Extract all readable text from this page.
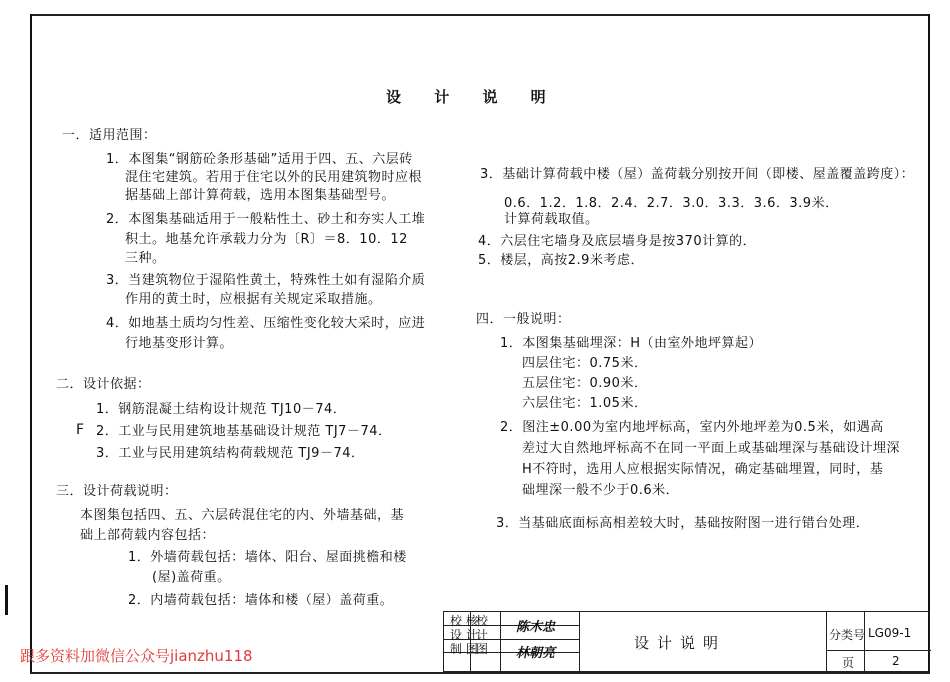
设 计 说 明
一．适用范围：
1．本图集“钢筋砼条形基础”适用于四、五、六层砖
混住宅建筑。若用于住宅以外的民用建筑物时应根
据基础上部计算荷载，选用本图集基础型号。
2．本图集基础适用于一般粘性土、砂土和夯实人工堆
积土。地基允许承载力分为〔R〕＝8．10．12
三种。
3．当建筑物位于湿陷性黄土，特殊性土如有湿陷介质
作用的黄土时，应根据有关规定采取措施。
4．如地基土质均匀性差、压缩性变化较大采时，应进
行地基变形计算。
二．设计依据：
1．钢筋混凝土结构设计规范 TJ10－74．
F 2．工业与民用建筑地基基础设计规范 TJ7－74．
3．工业与民用建筑结构荷载规范 TJ9－74．
三．设计荷载说明：
本图集包括四、五、六层砖混住宅的内、外墙基础，基
础上部荷载内容包括：
1．外墙荷载包括：墙体、阳台、屋面挑檐和楼
(屋)盖荷重。
2．内墙荷载包括：墙体和楼（屋）盖荷重。
3．基础计算荷载中楼（屋）盖荷载分别按开间（即楼、屋盖覆盖跨度）：
0.6．1.2．1.8．2.4．2.7．3.0．3.3．3.6．3.9米．
计算荷载取值。
4．六层住宅墙身及底层墙身是按370计算的．
5．楼层，高按2.9米考虑．
四．一般说明：
1．本图集基础埋深：H（由室外地坪算起）
四层住宅：0.75米．
五层住宅：0.90米．
六层住宅：1.05米．
2．图注±0.00为室内地坪标高，室内外地坪差为0.5米，如遇高
差过大自然地坪标高不在同一平面上或基础埋深与基础设计埋深
H不符时，选用人应根据实际情况，确定基础埋置，同时，基
础埋深一般不少于0.6米．
3．当基础底面标高相差较大时，基础按附图一进行错台处理．
校 核
校
设 计
计
制 图
图
陈木忠
林朝亮
设计说明	分类号 LG09-1
页	2
跟多资料加微信公众号jianzhu118
